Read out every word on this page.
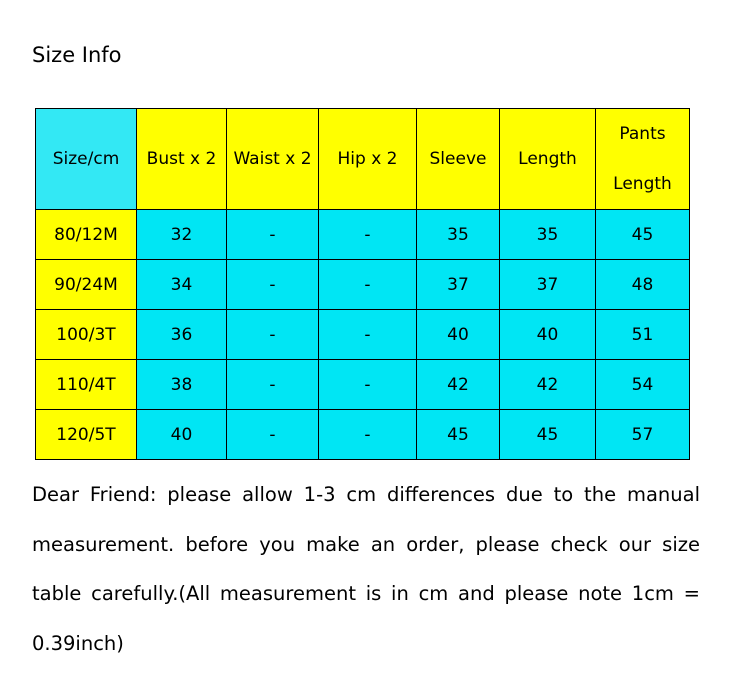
Size Info
Size/cm	Bust x 2	Waist x 2	Hip x 2	Sleeve	Length	Pants
Length

80/12M	32	-	-	35	35	45
90/24M	34	-	-	37	37	48
100/3T	36	-	-	40	40	51
110/4T	38	-	-	42	42	54
120/5T	40	-	-	45	45	57
Dear Friend: please allow 1-3 cm differences due to the manual
measurement. before you make an order, please check our size
table carefully.(All measurement is in cm and please note 1cm =
0.39inch)
